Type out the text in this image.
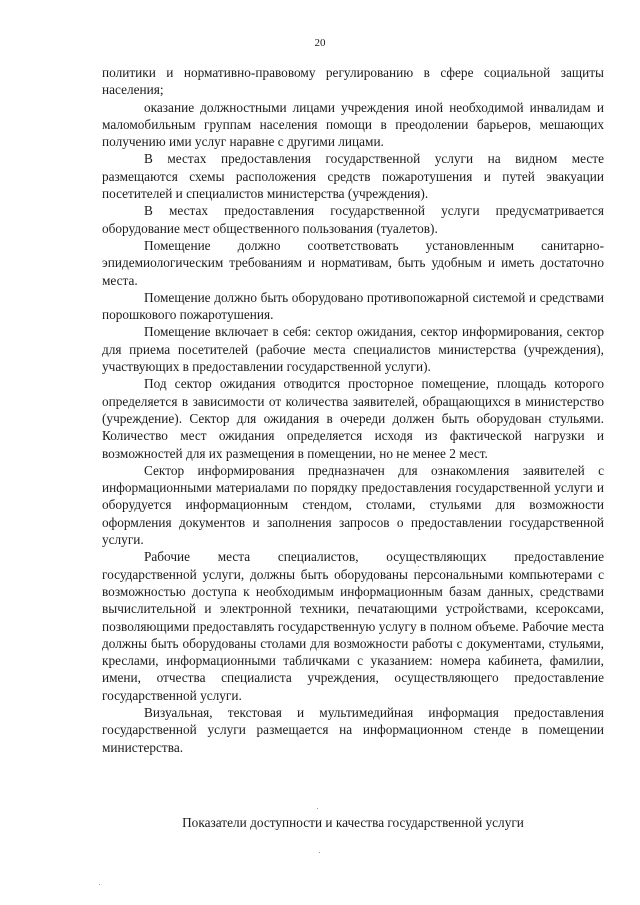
20

политики и нормативно-правовому регулированию в сфере социальной защиты населения;

оказание должностными лицами учреждения иной необходимой инвалидам и маломобильным группам населения помощи в преодолении барьеров, мешающих получению ими услуг наравне с другими лицами.

В местах предоставления государственной услуги на видном месте размещаются схемы расположения средств пожаротушения и путей эвакуации посетителей и специалистов министерства (учреждения).

В местах предоставления государственной услуги предусматривается оборудование мест общественного пользования (туалетов).

Помещение должно соответствовать установленным санитарно-эпидемиологическим требованиям и нормативам, быть удобным и иметь достаточно места.

Помещение должно быть оборудовано противопожарной системой и средствами порошкового пожаротушения.

Помещение включает в себя: сектор ожидания, сектор информирования, сектор для приема посетителей (рабочие места специалистов министерства (учреждения), участвующих в предоставлении государственной услуги).

Под сектор ожидания отводится просторное помещение, площадь которого определяется в зависимости от количества заявителей, обращающихся в министерство (учреждение). Сектор для ожидания в очереди должен быть оборудован стульями. Количество мест ожидания определяется исходя из фактической нагрузки и возможностей для их размещения в помещении, но не менее 2 мест.

Сектор информирования предназначен для ознакомления заявителей с информационными материалами по порядку предоставления государственной услуги и оборудуется информационным стендом, столами, стульями для возможности оформления документов и заполнения запросов о предоставлении государственной услуги.

Рабочие места специалистов, осуществляющих предоставление государственной услуги, должны быть оборудованы персональными компьютерами с возможностью доступа к необходимым информационным базам данных, средствами вычислительной и электронной техники, печатающими устройствами, ксероксами, позволяющими предоставлять государственную услугу в полном объеме. Рабочие места должны быть оборудованы столами для возможности работы с документами, стульями, креслами, информационными табличками с указанием: номера кабинета, фамилии, имени, отчества специалиста учреждения, осуществляющего предоставление государственной услуги.

Визуальная, текстовая и мультимедийная информация предоставления государственной услуги размещается на информационном стенде в помещении министерства.

Показатели доступности и качества государственной услуги
